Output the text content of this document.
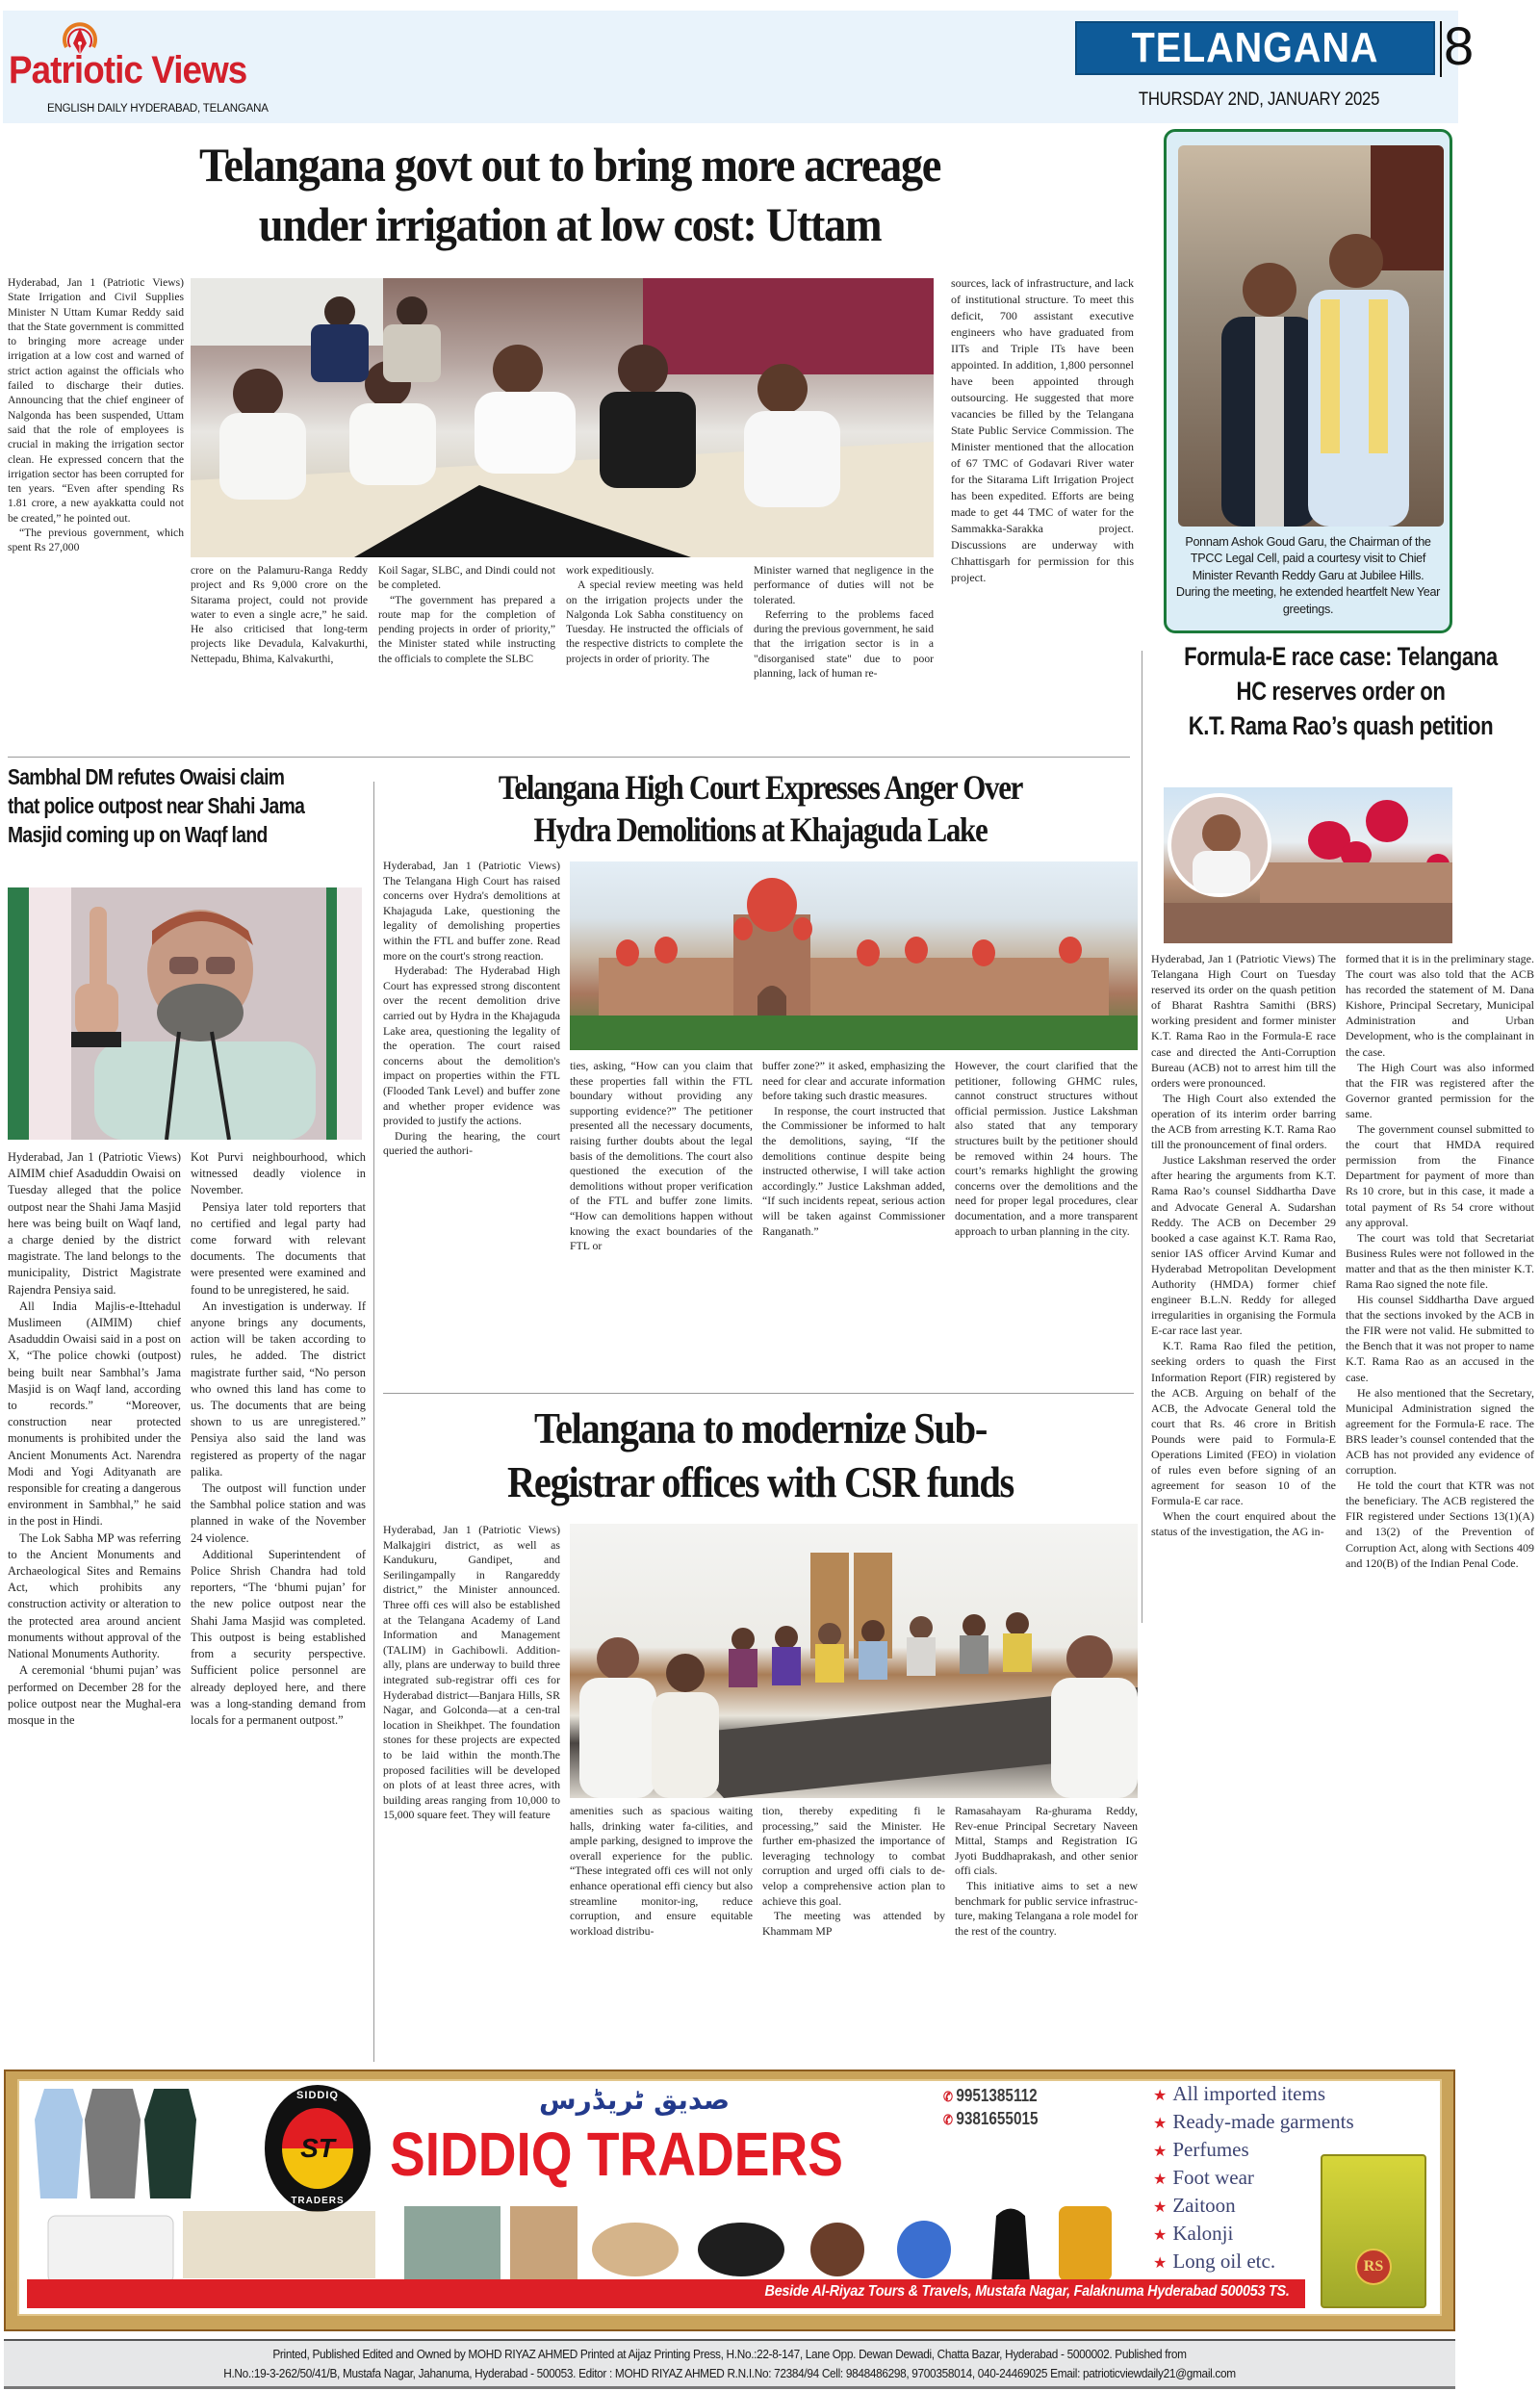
Patriotic Views
ENGLISH DAILY HYDERABAD, TELANGANA
TELANGANA	8
THURSDAY 2ND, JANUARY 2025
Telangana govt out to bring more acreage
under irrigation at low cost: Uttam

Hyderabad, Jan 1 (Patriotic Views) State Irrigation and Civil Supplies Minister N Uttam Kumar Reddy said that the State government is committed to bringing more acreage under irrigation at a low cost and warned of strict action against the officials who failed to discharge their duties. Announcing that the chief engineer of Nalgonda has been suspended, Uttam said that the role of employees is crucial in making the irrigation sector clean. He expressed concern that the irrigation sector has been corrupted for ten years. “Even after spending Rs 1.81 crore, a new ayakkatta could not be created,” he pointed out.

“The previous government, which spent Rs 27,000

crore on the Palamuru-Ranga Reddy project and Rs 9,000 crore on the Sitarama project, could not provide water to even a single acre,” he said. He also criticised that long-term projects like Devadula, Kalvakurthi, Nettepadu, Bhima, Kalvakurthi,

Koil Sagar, SLBC, and Dindi could not be completed.

“The government has prepared a route map for the completion of pending projects in order of priority,” the Minister stated while instructing the officials to complete the SLBC

work expeditiously.

A special review meeting was held on the irrigation projects under the Nalgonda Lok Sabha constituency on Tuesday. He instructed the officials of the respective districts to complete the projects in order of priority. The

Minister warned that negligence in the performance of duties will not be tolerated.

Referring to the problems faced during the previous government, he said that the irrigation sector is in a "disorganised state" due to poor planning, lack of human re-

sources, lack of infrastructure, and lack of institutional structure. To meet this deficit, 700 assistant executive engineers who have graduated from IITs and Triple ITs have been appointed. In addition, 1,800 personnel have been appointed through outsourcing. He suggested that more vacancies be filled by the Telangana State Public Service Commission. The Minister mentioned that the allocation of 67 TMC of Godavari River water for the Sitarama Lift Irrigation Project has been expedited. Efforts are being made to get 44 TMC of water for the Sammakka-Sarakka project. Discussions are underway with Chhattisgarh for permission for this project.

Ponnam Ashok Goud Garu, the Chairman of the TPCC Legal Cell, paid a courtesy visit to Chief Minister Revanth Reddy Garu at Jubilee Hills. During the meeting, he extended heartfelt New Year greetings.
Formula-E race case: Telangana
HC reserves order on
K.T. Rama Rao’s quash petition

Hyderabad, Jan 1 (Patriotic Views) The Telangana High Court on Tuesday reserved its order on the quash petition of Bharat Rashtra Samithi (BRS) working president and former minister K.T. Rama Rao in the Formula-E race case and directed the Anti-Corruption Bureau (ACB) not to arrest him till the orders were pronounced.

The High Court also extended the operation of its interim order barring the ACB from arresting K.T. Rama Rao till the pronouncement of final orders.

Justice Lakshman reserved the order after hearing the arguments from K.T. Rama Rao’s counsel Siddhartha Dave and Advocate General A. Sudarshan Reddy. The ACB on December 29 booked a case against K.T. Rama Rao, senior IAS officer Arvind Kumar and Hyderabad Metropolitan Development Authority (HMDA) former chief engineer B.L.N. Reddy for alleged irregularities in organising the Formula E-car race last year.

K.T. Rama Rao filed the petition, seeking orders to quash the First Information Report (FIR) registered by the ACB. Arguing on behalf of the ACB, the Advocate General told the court that Rs. 46 crore in British Pounds were paid to Formula-E Operations Limited (FEO) in violation of rules even before signing of an agreement for season 10 of the Formula-E car race.

When the court enquired about the status of the investigation, the AG in-

formed that it is in the preliminary stage. The court was also told that the ACB has recorded the statement of M. Dana Kishore, Principal Secretary, Municipal Administration and Urban Development, who is the complainant in the case.

The High Court was also informed that the FIR was registered after the Governor granted permission for the same.

The government counsel submitted to the court that HMDA required permission from the Finance Department for payment of more than Rs 10 crore, but in this case, it made a total payment of Rs 54 crore without any approval.

The court was told that Secretariat Business Rules were not followed in the matter and that as the then minister K.T. Rama Rao signed the note file.

His counsel Siddhartha Dave argued that the sections invoked by the ACB in the FIR were not valid. He submitted to the Bench that it was not proper to name K.T. Rama Rao as an accused in the case.

He also mentioned that the Secretary, Municipal Administration signed the agreement for the Formula-E race. The BRS leader’s counsel contended that the ACB has not provided any evidence of corruption.

He told the court that KTR was not the beneficiary. The ACB registered the FIR registered under Sections 13(1)(A) and 13(2) of the Prevention of Corruption Act, along with Sections 409 and 120(B) of the Indian Penal Code.

Sambhal DM refutes Owaisi claim
that police outpost near Shahi Jama
Masjid coming up on Waqf land

Hyderabad, Jan 1 (Patriotic Views) AIMIM chief Asaduddin Owaisi on Tuesday alleged that the police outpost near the Shahi Jama Masjid here was being built on Waqf land, a charge denied by the district magistrate. The land belongs to the municipality, District Magistrate Rajendra Pensiya said.

All India Majlis-e-Ittehadul Muslimeen (AIMIM) chief Asaduddin Owaisi said in a post on X, “The police chowki (outpost) being built near Sambhal’s Jama Masjid is on Waqf land, according to records.” “Moreover, construction near protected monuments is prohibited under the Ancient Monuments Act. Narendra Modi and Yogi Adityanath are responsible for creating a dangerous environment in Sambhal,” he said in the post in Hindi.

The Lok Sabha MP was referring to the Ancient Monuments and Archaeological Sites and Remains Act, which prohibits any construction activity or alteration to the protected area around ancient monuments without approval of the National Monuments Authority.

A ceremonial ‘bhumi pujan’ was performed on December 28 for the police outpost near the Mughal-era mosque in the

Kot Purvi neighbourhood, which witnessed deadly violence in November.

Pensiya later told reporters that no certified and legal party had come forward with relevant documents. The documents that were presented were examined and found to be unregistered, he said.

An investigation is underway. If anyone brings any documents, action will be taken according to rules, he added. The district magistrate further said, “No person who owned this land has come to us. The documents that are being shown to us are unregistered.” Pensiya also said the land was registered as property of the nagar palika.

The outpost will function under the Sambhal police station and was planned in wake of the November 24 violence.

Additional Superintendent of Police Shrish Chandra had told reporters, “The ‘bhumi pujan’ for the new police outpost near the Shahi Jama Masjid was completed. This outpost is being established from a security perspective. Sufficient police personnel are already deployed here, and there was a long-standing demand from locals for a permanent outpost.”

Telangana High Court Expresses Anger Over
Hydra Demolitions at Khajaguda Lake

Hyderabad, Jan 1 (Patriotic Views) The Telangana High Court has raised concerns over Hydra's demolitions at Khajaguda Lake, questioning the legality of demolishing properties within the FTL and buffer zone. Read more on the court's strong reaction.

Hyderabad: The Hyderabad High Court has expressed strong discontent over the recent demolition drive carried out by Hydra in the Khajaguda Lake area, questioning the legality of the operation. The court raised concerns about the demolition's impact on properties within the FTL (Flooded Tank Level) and buffer zone and whether proper evidence was provided to justify the actions.

During the hearing, the court queried the authori-

ties, asking, “How can you claim that these properties fall within the FTL boundary without providing any supporting evidence?” The petitioner presented all the necessary documents, raising further doubts about the legal basis of the demolitions. The court also questioned the execution of the demolitions without proper verification of the FTL and buffer zone limits. “How can demolitions happen without knowing the exact boundaries of the FTL or

buffer zone?” it asked, emphasizing the need for clear and accurate information before taking such drastic measures.

In response, the court instructed that the Commissioner be informed to halt the demolitions, saying, “If the demolitions continue despite being instructed otherwise, I will take action accordingly.” Justice Lakshman added, “If such incidents repeat, serious action will be taken against Commissioner Ranganath.”

However, the court clarified that the petitioner, following GHMC rules, cannot construct structures without official permission. Justice Lakshman also stated that any temporary structures built by the petitioner should be removed within 24 hours. The court’s remarks highlight the growing concerns over the demolitions and the need for proper legal procedures, clear documentation, and a more transparent approach to urban planning in the city.

Telangana to modernize Sub-
Registrar offices with CSR funds

Hyderabad, Jan 1 (Patriotic Views) Malkajgiri district, as well as Kandukuru, Gandipet, and Serilingampally in Rangareddy district,” the Minister announced. Three offi ces will also be established at the Telangana Academy of Land Information and Management (TALIM) in Gachibowli. Addition-ally, plans are underway to build three integrated sub-registrar offi ces for Hyderabad district—Banjara Hills, SR Nagar, and Golconda—at a cen-tral location in Sheikhpet. The foundation stones for these projects are expected to be laid within the month.The proposed facilities will be developed on plots of at least three acres, with building areas ranging from 10,000 to 15,000 square feet. They will feature	amenities such as spacious waiting halls, drinking water fa-cilities, and ample parking, designed to improve the overall experience for the public. “These integrated offi ces will not only enhance operational effi ciency but also streamline monitor-ing, reduce corruption, and ensure equitable workload distribu-

tion, thereby expediting fi le processing,” said the Minister. He further em-phasized the importance of leveraging technology to combat corruption and urged offi cials to de-velop a comprehensive action plan to achieve this goal.

The meeting was attended by Khammam MP

Ramasahayam Ra-ghurama Reddy, Rev-enue Principal Secretary Naveen Mittal, Stamps and Registration IG Jyoti Buddhaprakash, and other senior offi cials.

This initiative aims to set a new benchmark for public service infrastruc-ture, making Telangana a role model for the rest of the country.

SIDDIQ
ST
TRADERS
صدیق ٹریڈرس
SIDDIQ TRADERS
✆ 9951385112
✆ 9381655015
RS
★ All imported items
★ Ready-made garments
★ Perfumes
★ Foot wear
★ Zaitoon
★ Kalonji
★ Long oil etc.
Beside Al-Riyaz Tours & Travels, Mustafa Nagar, Falaknuma Hyderabad 500053 TS.

Printed, Published Edited and Owned by MOHD RIYAZ AHMED Printed at Aijaz Printing Press, H.No.:22-8-147, Lane Opp. Dewan Dewadi, Chatta Bazar, Hyderabad - 5000002. Published from

H.No.:19-3-262/50/41/B, Mustafa Nagar, Jahanuma, Hyderabad - 500053. Editor : MOHD RIYAZ AHMED R.N.I.No: 72384/94 Cell: 9848486298, 9700358014, 040-24469025 Email: patrioticviewdaily21@gmail.com
